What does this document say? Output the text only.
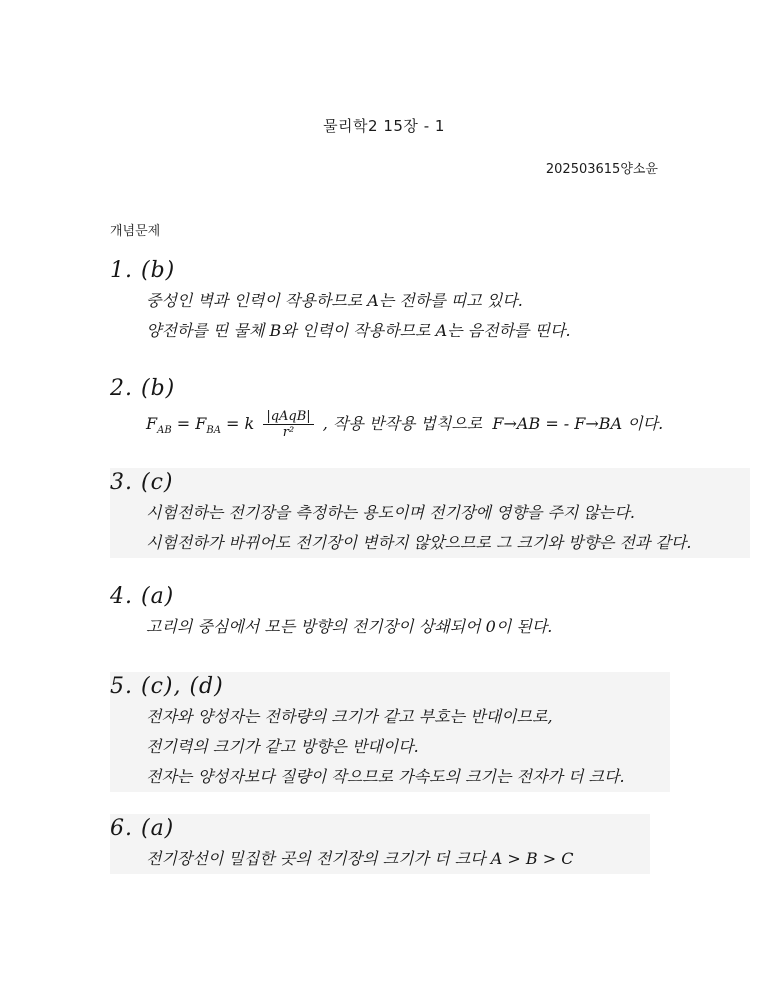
물리학2 15장 - 1
202503615양소윤
개념문제
1. (b)
중성인 벽과 인력이 작용하므로 A는 전하를 띠고 있다.
양전하를 띤 물체 B와 인력이 작용하므로 A는 음전하를 띤다.
2. (b)
$F_{AB} = F_{BA} = k \frac{\text{|qAqB|}}{\text{r²}}$ , 작용 반작용 법칙으로 F→AB = - F→BA 이다.
3. (c)
시험전하는 전기장을 측정하는 용도이며 전기장에 영향을 주지 않는다.
시험전하가 바뀌어도 전기장이 변하지 않았으므로 그 크기와 방향은 전과 같다.
4. (a)
고리의 중심에서 모든 방향의 전기장이 상쇄되어 0이 된다.
5. (c), (d)
전자와 양성자는 전하량의 크기가 같고 부호는 반대이므로,
전기력의 크기가 같고 방향은 반대이다.
전자는 양성자보다 질량이 작으므로 가속도의 크기는 전자가 더 크다.
6. (a)
전기장선이 밀집한 곳의 전기장의 크기가 더 크다 A > B > C
